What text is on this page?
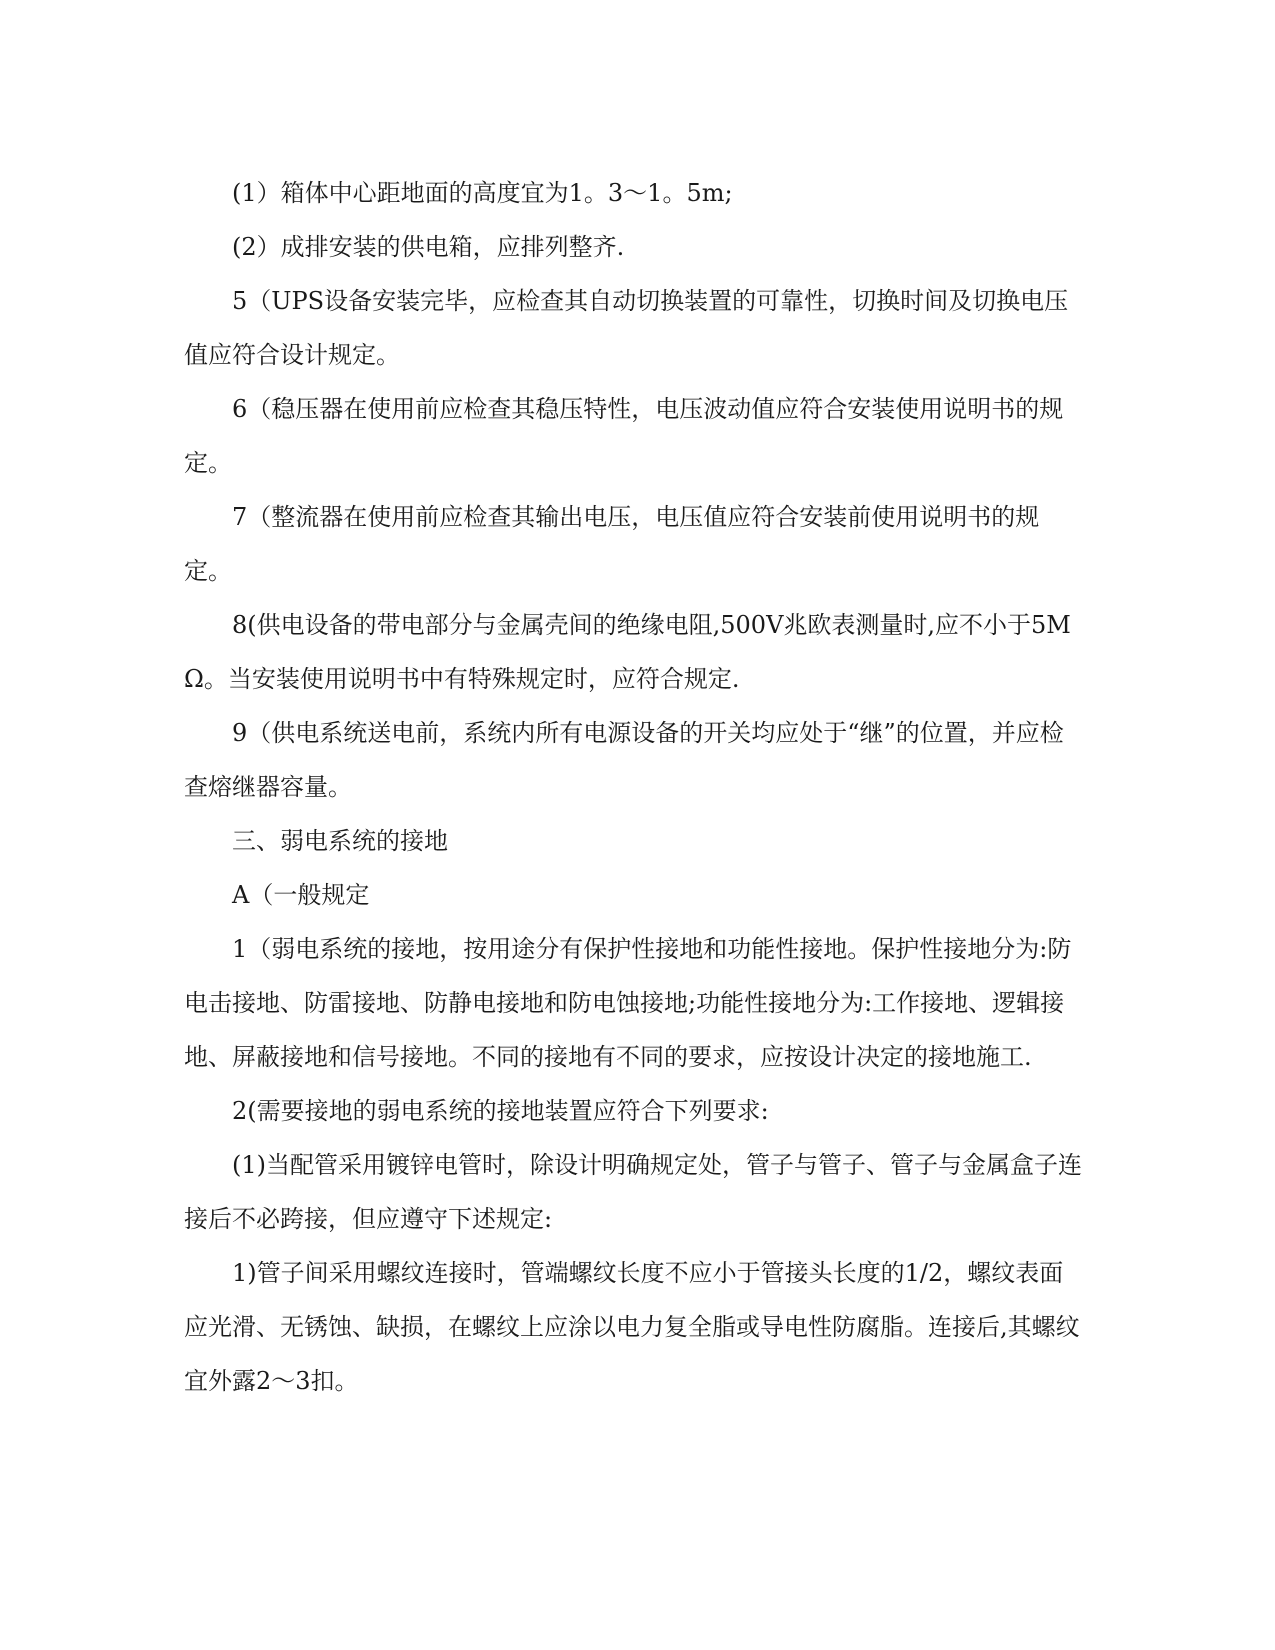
(1）箱体中心距地面的高度宜为1。3～1。5m;

(2）成排安装的供电箱，应排列整齐.

5（UPS设备安装完毕，应检查其自动切换装置的可靠性，切换时间及切换电压值应符合设计规定。

6（稳压器在使用前应检查其稳压特性，电压波动值应符合安装使用说明书的规定。

7（整流器在使用前应检查其输出电压，电压值应符合安装前使用说明书的规定。

8(供电设备的带电部分与金属壳间的绝缘电阻,500V兆欧表测量时,应不小于5MΩ。当安装使用说明书中有特殊规定时，应符合规定.

9（供电系统送电前，系统内所有电源设备的开关均应处于“继”的位置，并应检查熔继器容量。

三、弱电系统的接地

A（一般规定

1（弱电系统的接地，按用途分有保护性接地和功能性接地。保护性接地分为:防电击接地、防雷接地、防静电接地和防电蚀接地;功能性接地分为:工作接地、逻辑接地、屏蔽接地和信号接地。不同的接地有不同的要求，应按设计决定的接地施工.

2(需要接地的弱电系统的接地装置应符合下列要求:

(1)当配管采用镀锌电管时，除设计明确规定处，管子与管子、管子与金属盒子连接后不必跨接，但应遵守下述规定:

1)管子间采用螺纹连接时，管端螺纹长度不应小于管接头长度的1/2，螺纹表面应光滑、无锈蚀、缺损，在螺纹上应涂以电力复全脂或导电性防腐脂。连接后,其螺纹宜外露2～3扣。
